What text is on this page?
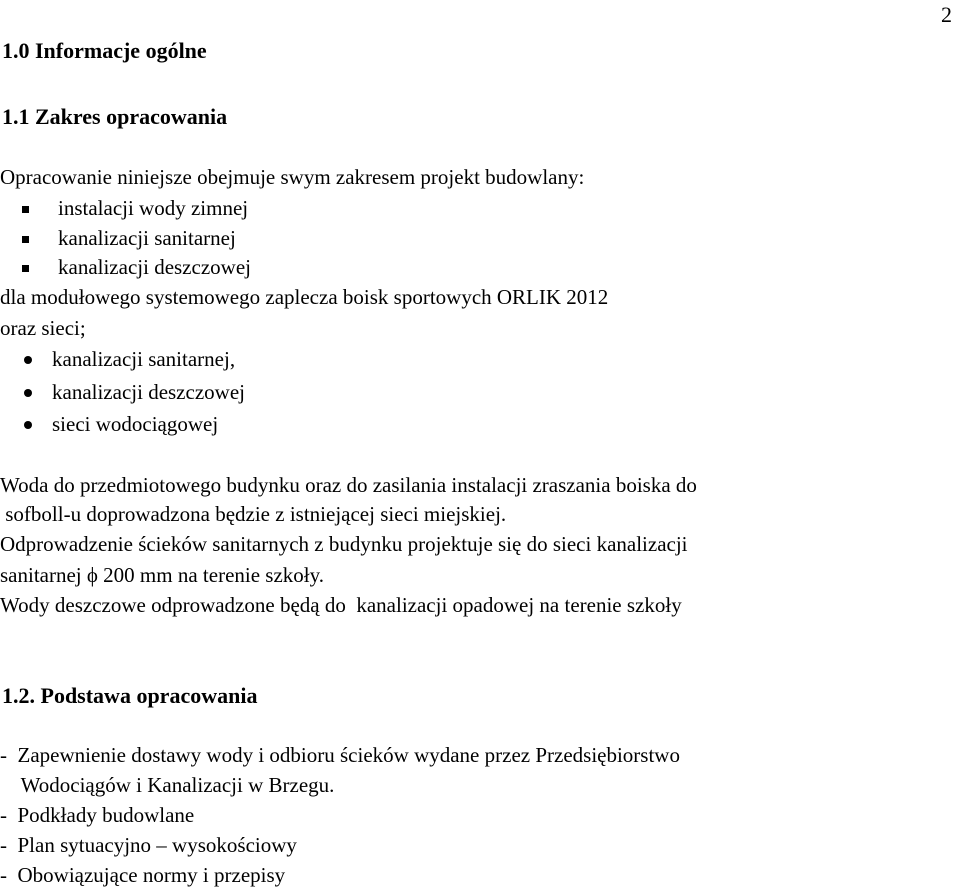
2
1.0 Informacje ogólne
1.1 Zakres opracowania
Opracowanie niniejsze obejmuje swym zakresem projekt budowlany:
instalacji wody zimnej
kanalizacji sanitarnej
kanalizacji deszczowej
dla modułowego systemowego zaplecza boisk sportowych ORLIK 2012
oraz sieci;
kanalizacji sanitarnej,
kanalizacji deszczowej
sieci wodociągowej
Woda do przedmiotowego budynku oraz do zasilania instalacji zraszania boiska do
sofboll-u doprowadzona będzie z istniejącej sieci miejskiej.
Odprowadzenie ścieków sanitarnych z budynku projektuje się do sieci kanalizacji
sanitarnej ϕ 200 mm na terenie szkoły.
Wody deszczowe odprowadzone będą do  kanalizacji opadowej na terenie szkoły
1.2. Podstawa opracowania
-  Zapewnienie dostawy wody i odbioru ścieków wydane przez Przedsiębiorstwo
Wodociągów i Kanalizacji w Brzegu.
-  Podkłady budowlane
-  Plan sytuacyjno – wysokościowy
-  Obowiązujące normy i przepisy
